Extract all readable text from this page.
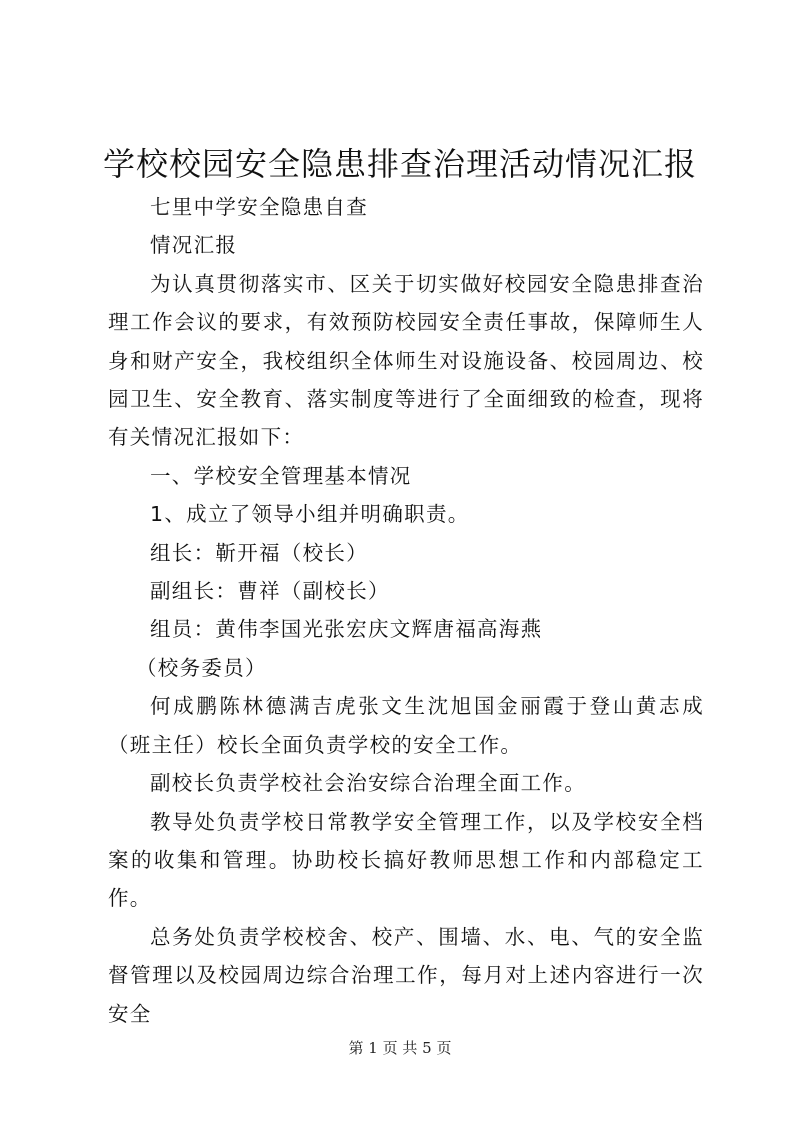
学校校园安全隐患排查治理活动情况汇报

七里中学安全隐患自查

情况汇报

为认真贯彻落实市、区关于切实做好校园安全隐患排查治理工作会议的要求，有效预防校园安全责任事故，保障师生人身和财产安全，我校组织全体师生对设施设备、校园周边、校园卫生、安全教育、落实制度等进行了全面细致的检查，现将有关情况汇报如下：

一、学校安全管理基本情况

1、成立了领导小组并明确职责。

组长：靳开福（校长）

副组长：曹祥（副校长）

组员：黄伟李国光张宏庆文辉唐福高海燕

（校务委员）

何成鹏陈林德满吉虎张文生沈旭国金丽霞于登山黄志成（班主任）校长全面负责学校的安全工作。

副校长负责学校社会治安综合治理全面工作。

教导处负责学校日常教学安全管理工作，以及学校安全档案的收集和管理。协助校长搞好教师思想工作和内部稳定工作。

总务处负责学校校舍、校产、围墙、水、电、气的安全监督管理以及校园周边综合治理工作，每月对上述内容进行一次安全

第 1 页 共 5 页
